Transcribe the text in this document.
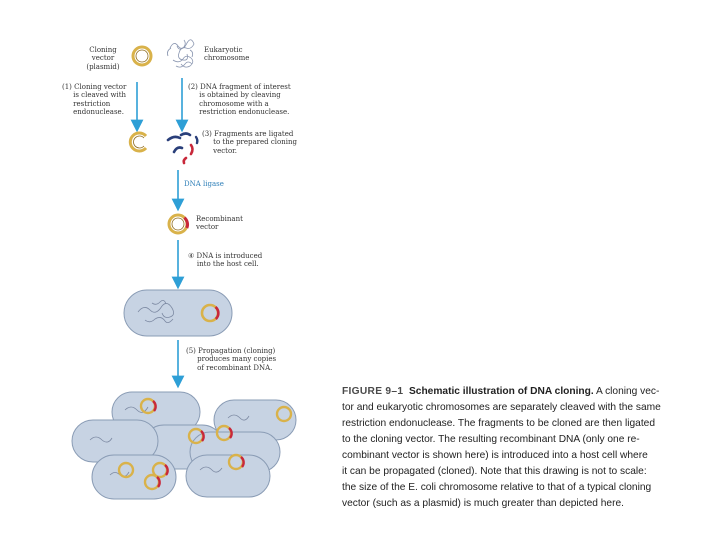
Cloning
vector
(plasmid)
Eukaryotic
chromosome
(1) Cloning vector
is cleaved with
restriction
endonuclease.
(2) DNA fragment of interest
is obtained by cleaving
chromosome with a
restriction endonuclease.
(3) Fragments are ligated
to the prepared cloning
vector.
DNA ligase
Recombinant
vector
④ DNA is introduced
into the host cell.
(5) Propagation (cloning)
produces many copies
of recombinant DNA.
FIGURE 9–1 Schematic illustration of DNA cloning. A cloning vec-
tor and eukaryotic chromosomes are separately cleaved with the same
restriction endonuclease. The fragments to be cloned are then ligated
to the cloning vector. The resulting recombinant DNA (only one re-
combinant vector is shown here) is introduced into a host cell where
it can be propagated (cloned). Note that this drawing is not to scale:
the size of the E. coli chromosome relative to that of a typical cloning
vector (such as a plasmid) is much greater than depicted here.
